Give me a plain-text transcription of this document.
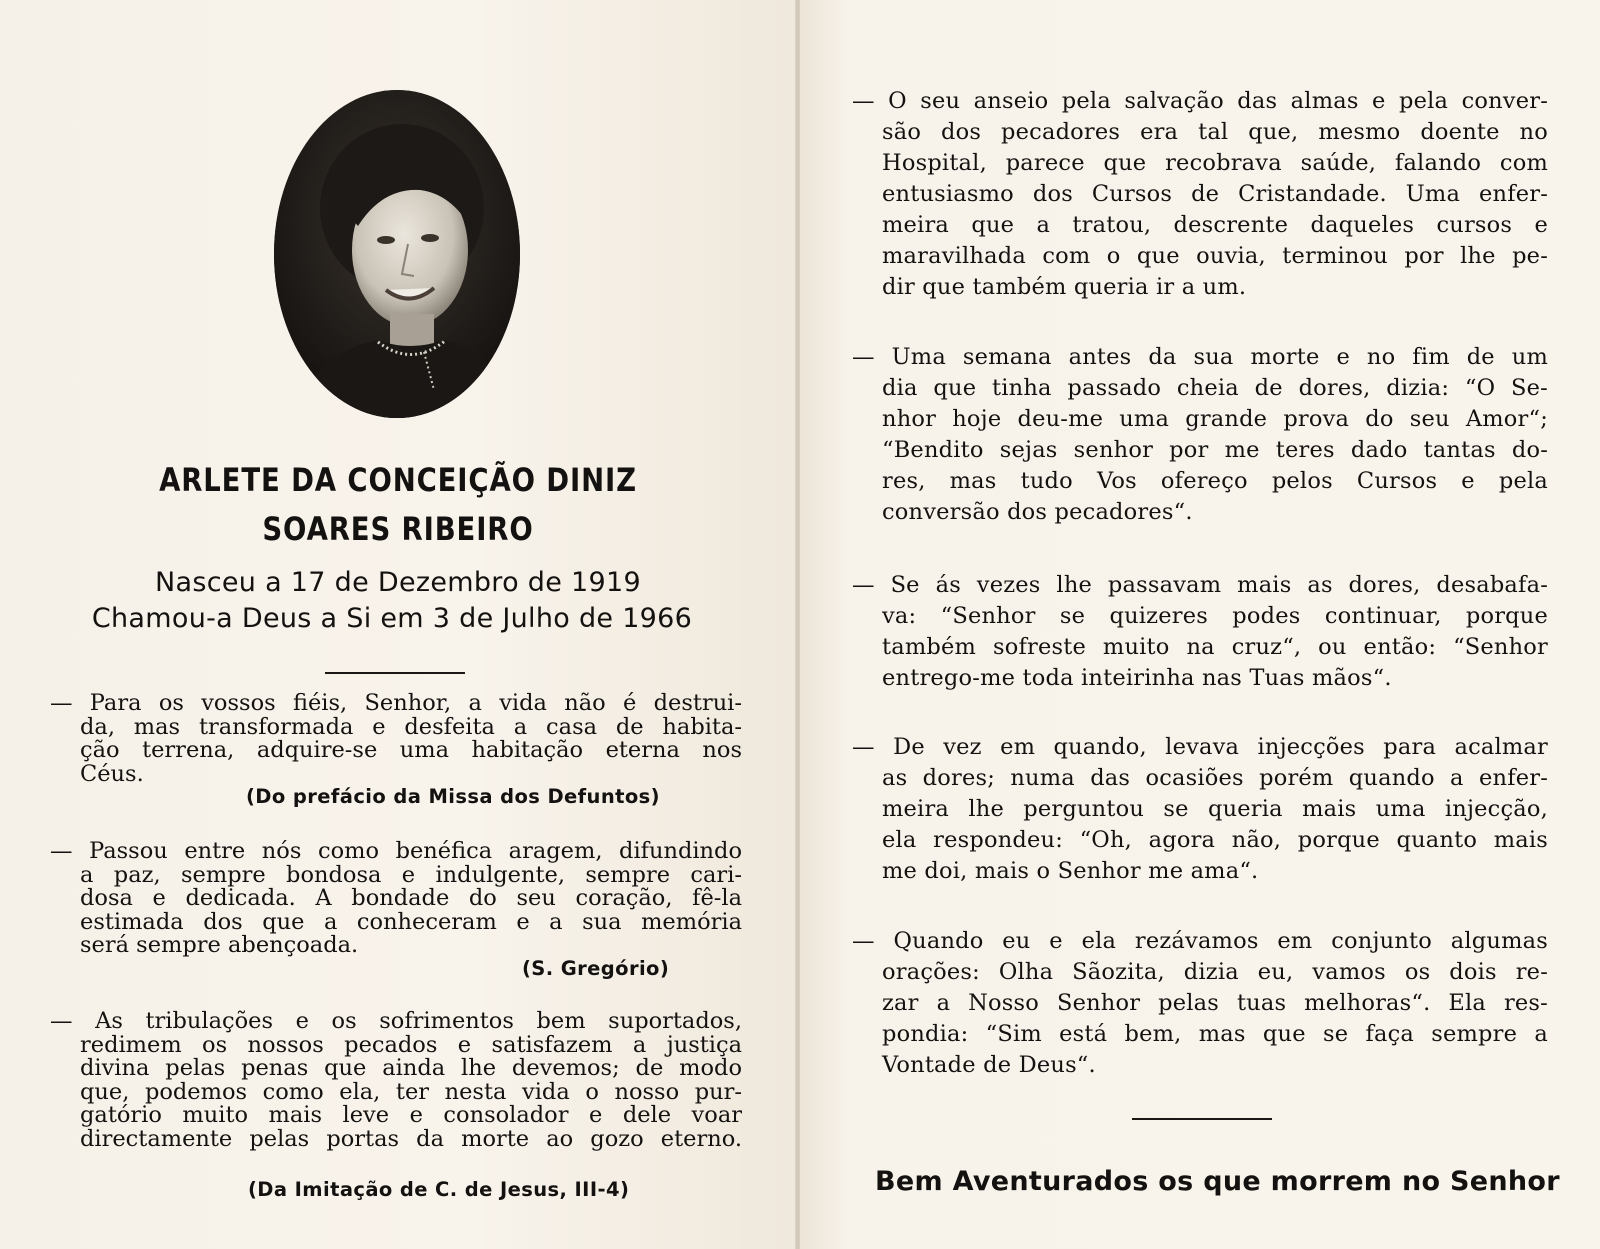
ARLETE DA CONCEIÇÃO DINIZ
SOARES RIBEIRO
Nasceu a 17 de Dezembro de 1919
Chamou-a Deus a Si em 3 de Julho de 1966
— Para os vossos fiéis, Senhor, a vida não é destrui-
da, mas transformada e desfeita a casa de habita-
ção terrena, adquire-se uma habitação eterna nos
Céus.
(Do prefácio da Missa dos Defuntos)
— Passou entre nós como benéfica aragem, difundindo
a paz, sempre bondosa e indulgente, sempre cari-
dosa e dedicada. A bondade do seu coração, fê-la
estimada dos que a conheceram e a sua memória
será sempre abençoada.
(S. Gregório)
— As tribulações e os sofrimentos bem suportados,
redimem os nossos pecados e satisfazem a justiça
divina pelas penas que ainda lhe devemos; de modo
que, podemos como ela, ter nesta vida o nosso pur-
gatório muito mais leve e consolador e dele voar
directamente pelas portas da morte ao gozo eterno.
(Da Imitação de C. de Jesus, III-4)
— O seu anseio pela salvação das almas e pela conver-
são dos pecadores era tal que, mesmo doente no
Hospital, parece que recobrava saúde, falando com
entusiasmo dos Cursos de Cristandade. Uma enfer-
meira que a tratou, descrente daqueles cursos e
maravilhada com o que ouvia, terminou por lhe pe-
dir que também queria ir a um.
— Uma semana antes da sua morte e no fim de um
dia que tinha passado cheia de dores, dizia: “O Se-
nhor hoje deu-me uma grande prova do seu Amor“;
“Bendito sejas senhor por me teres dado tantas do-
res, mas tudo Vos ofereço pelos Cursos e pela
conversão dos pecadores“.
— Se ás vezes lhe passavam mais as dores, desabafa-
va: “Senhor se quizeres podes continuar, porque
também sofreste muito na cruz“, ou então: “Senhor
entrego-me toda inteirinha nas Tuas mãos“.
— De vez em quando, levava injecções para acalmar
as dores; numa das ocasiões porém quando a enfer-
meira lhe perguntou se queria mais uma injecção,
ela respondeu: “Oh, agora não, porque quanto mais
me doi, mais o Senhor me ama“.
— Quando eu e ela rezávamos em conjunto algumas
orações: Olha Sãozita, dizia eu, vamos os dois re-
zar a Nosso Senhor pelas tuas melhoras“. Ela res-
pondia: “Sim está bem, mas que se faça sempre a
Vontade de Deus“.
Bem Aventurados os que morrem no Senhor
